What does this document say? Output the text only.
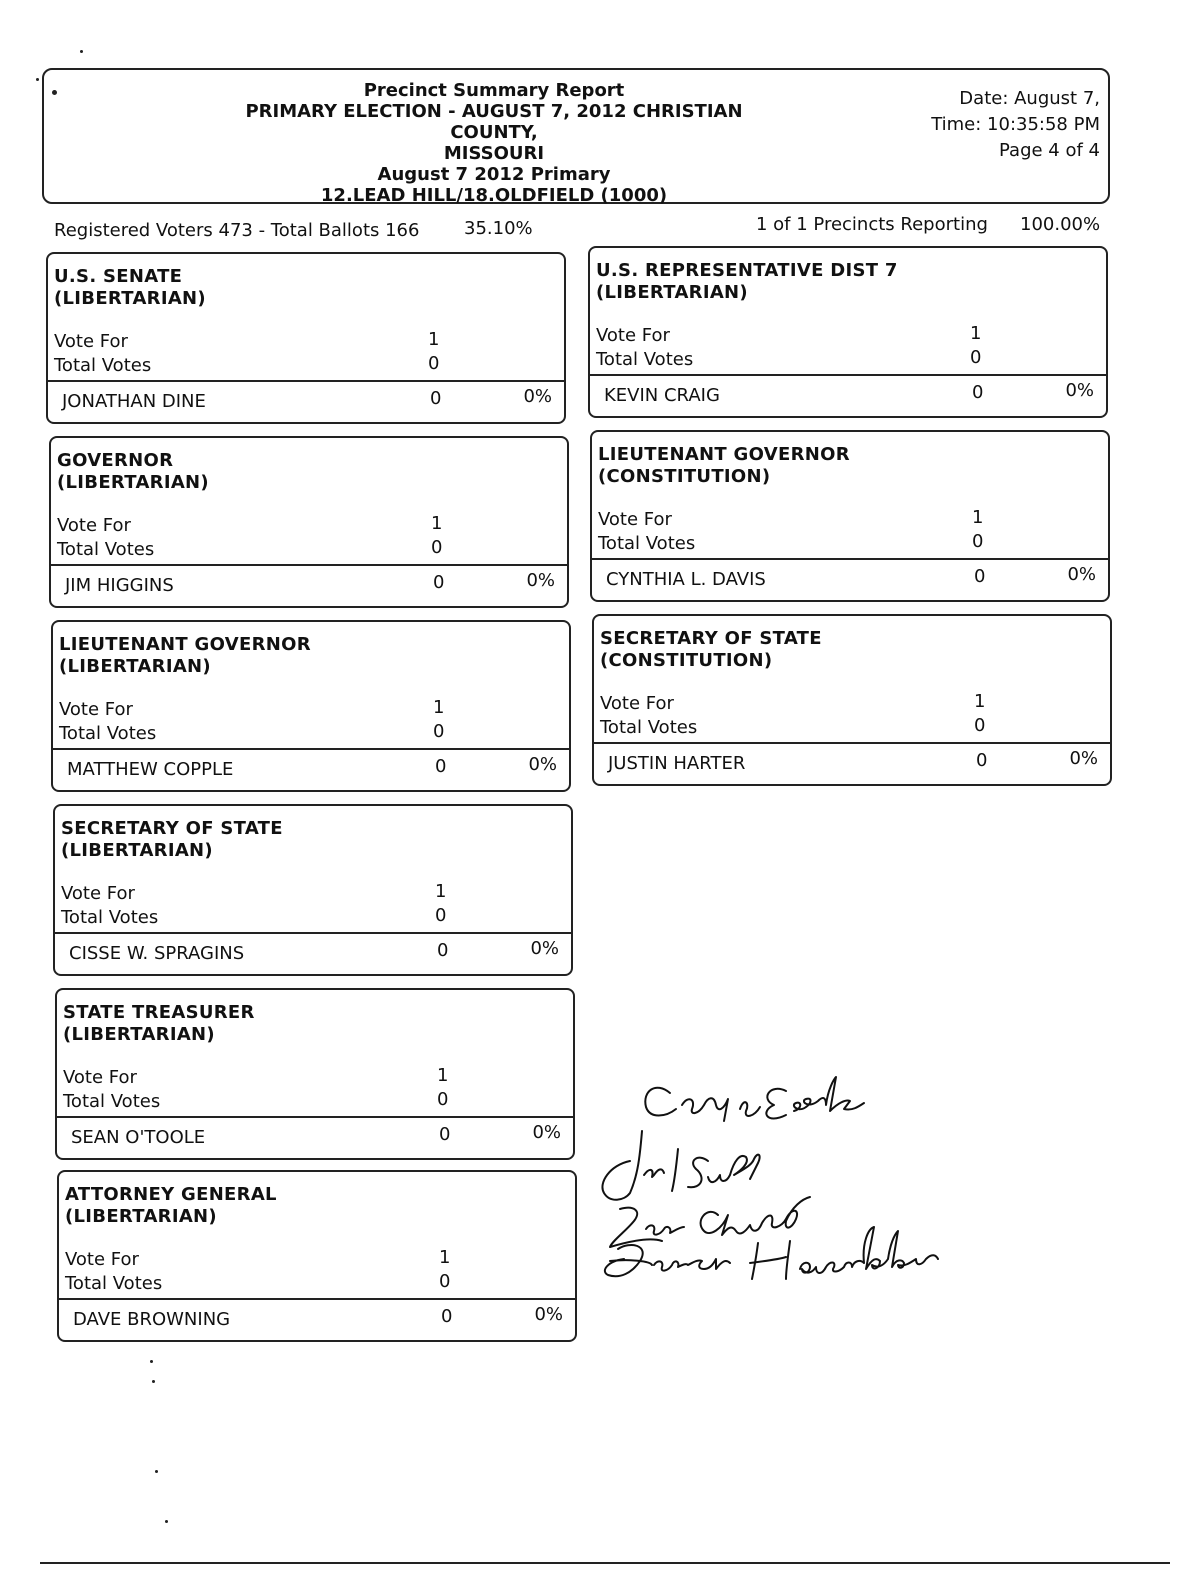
Precinct Summary Report
PRIMARY ELECTION - AUGUST 7, 2012 CHRISTIAN COUNTY,
MISSOURI
August 7 2012 Primary
12.LEAD HILL/18.OLDFIELD (1000)
Date: August 7,
Time: 10:35:58 PM
Page 4 of 4
Registered Voters 473 - Total Ballots 166 35.10%	1 of 1 Precincts Reporting 100.00%
U.S. SENATE
(LIBERTARIAN)
Vote For	1
Total Votes	0
JONATHAN DINE	0	0%
GOVERNOR
(LIBERTARIAN)
Vote For	1
Total Votes	0
JIM HIGGINS	0	0%
LIEUTENANT GOVERNOR
(LIBERTARIAN)
Vote For	1
Total Votes	0
MATTHEW COPPLE	0	0%
SECRETARY OF STATE
(LIBERTARIAN)
Vote For	1
Total Votes	0
CISSE W. SPRAGINS	0	0%
STATE TREASURER
(LIBERTARIAN)
Vote For	1
Total Votes	0
SEAN O'TOOLE	0	0%
ATTORNEY GENERAL
(LIBERTARIAN)
Vote For	1
Total Votes	0
DAVE BROWNING	0	0%
U.S. REPRESENTATIVE DIST 7
(LIBERTARIAN)
Vote For	1
Total Votes	0
KEVIN CRAIG	0	0%
LIEUTENANT GOVERNOR
(CONSTITUTION)
Vote For	1
Total Votes	0
CYNTHIA L. DAVIS	0	0%
SECRETARY OF STATE
(CONSTITUTION)
Vote For	1
Total Votes	0
JUSTIN HARTER	0	0%
